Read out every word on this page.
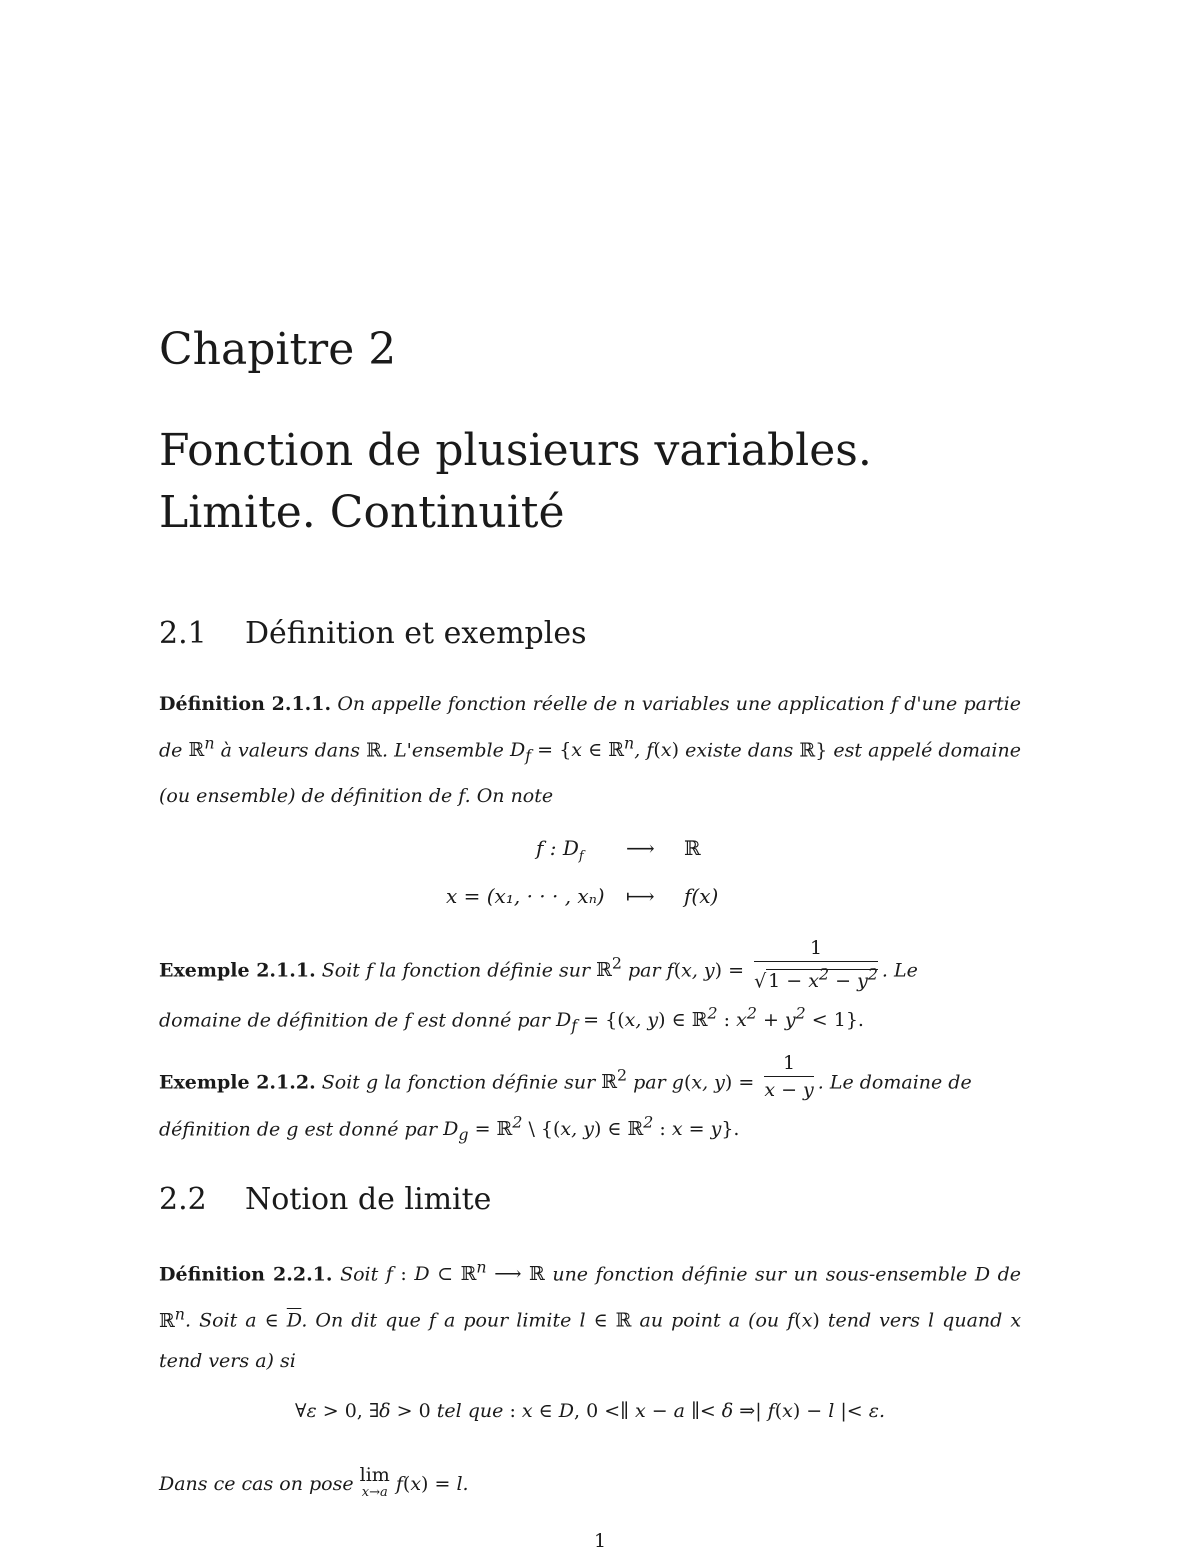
Chapitre 2
Fonction de plusieurs variables.
Limite. Continuité
2.1 Définition et exemples
Définition 2.1.1. On appelle fonction réelle de n variables une application f d'une partie de ℝ$^n$ à valeurs dans ℝ. L'ensemble $D_f = \{x$ ∈ ℝ$^n$, f(x) existe dans ℝ} est appelé domaine (ou ensemble) de définition de f. On note
f : $D_f$ ⟶ ℝ
x = (x₁, · · · , xₙ) ⟼ f(x)
Exemple 2.1.1. Soit f la fonction définie sur ℝ$^2$ par f(x, $y) = \frac{1}{√ 1 - x^2 - y^2}$ . Le
domaine de définition de f est donné par $D_f = \{(x$, y) ∈ ℝ$^2$ : $x^2 + y^2 < 1$}.
Exemple 2.1.2. Soit g la fonction définie sur ℝ$^2$ par g(x, $y) = \frac{1}{x - y}$ . Le domaine de
définition de g est donné par $D_g$ = ℝ$^2$ \ {(x, y) ∈ ℝ$^2$ : x = y}.
2.2 Notion de limite
Définition 2.2.1. Soit f : D ⊂ ℝ$^n$ ⟶ ℝ une fonction définie sur un sous-ensemble D de ℝ$^n$. Soit a ∈ $\overline{D}$. On dit que f a pour limite l ∈ ℝ au point a (ou f(x) tend vers l quand x tend vers a) si
∀ε > 0, ∃δ > 0 tel que : x ∈ D, 0 <∥ x − a ∥< δ ⇒| f(x) − l |< ε.
Dans ce cas on pose lim
x→a f(x) = l.
1
